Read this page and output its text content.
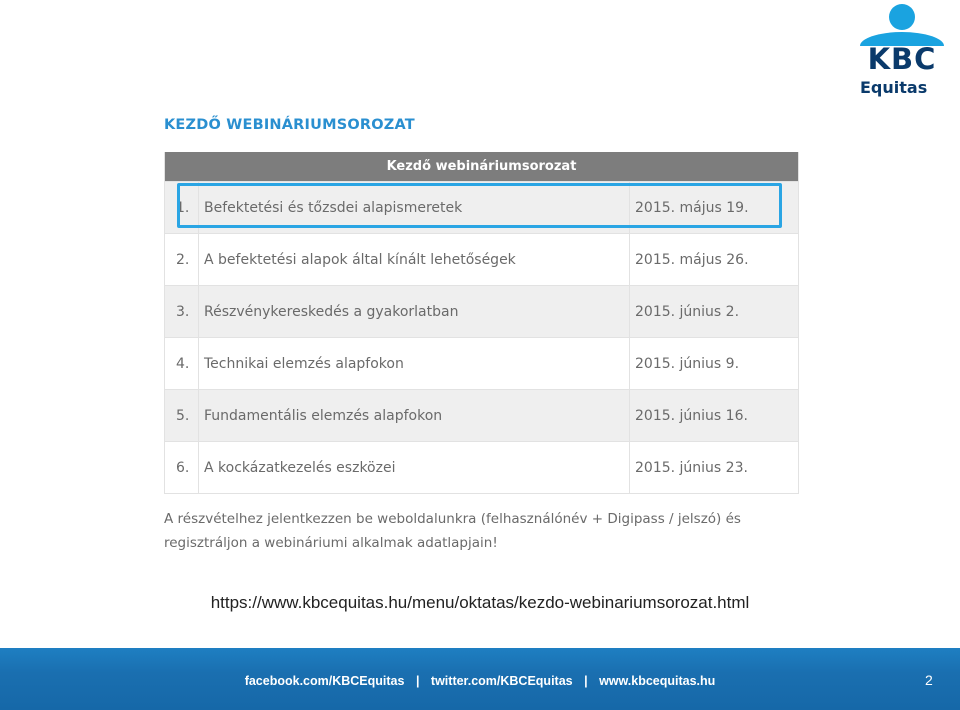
KBC
Equitas
KEZDŐ WEBINÁRIUMSOROZAT
Kezdő webináriumsorozat
1.	Befektetési és tőzsdei alapismeretek	2015. május 19.
2.	A befektetési alapok által kínált lehetőségek	2015. május 26.
3.	Részvénykereskedés a gyakorlatban	2015. június 2.
4.	Technikai elemzés alapfokon	2015. június 9.
5.	Fundamentális elemzés alapfokon	2015. június 16.
6.	A kockázatkezelés eszközei	2015. június 23.
A részvételhez jelentkezzen be weboldalunkra (felhasználónév + Digipass / jelszó) és regisztráljon a webináriumi alkalmak adatlapjain!
https://www.kbcequitas.hu/menu/oktatas/kezdo-webinariumsorozat.html
facebook.com/KBCEquitas | twitter.com/KBCEquitas | www.kbcequitas.hu	2
